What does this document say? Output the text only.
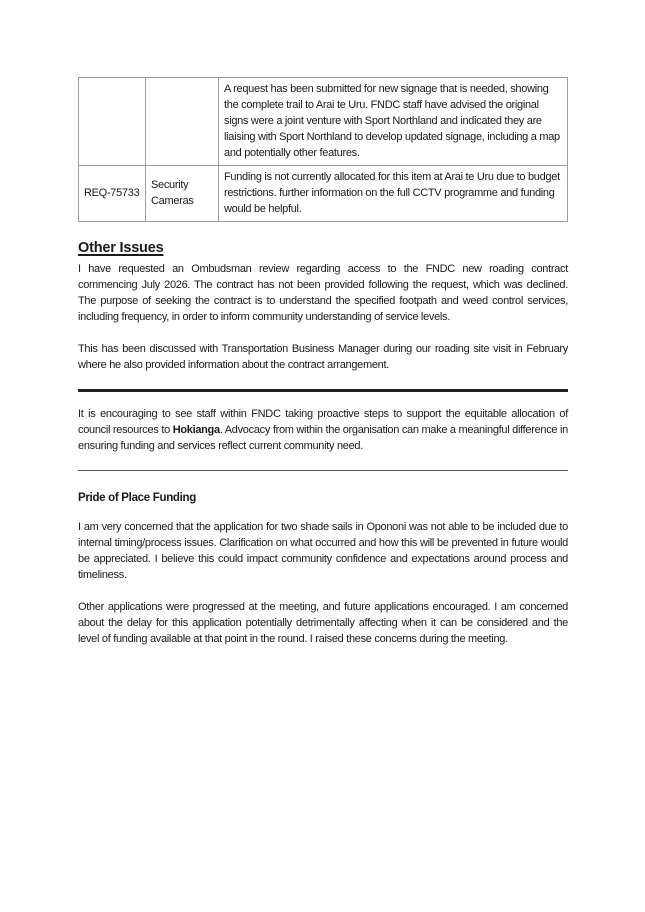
		A request has been submitted for new signage that is needed, showing the complete trail to Arai te Uru. FNDC staff have advised the original signs were a joint venture with Sport Northland and indicated they are liaising with Sport Northland to develop updated signage, including a map and potentially other features.
REQ-75733	Security Cameras	Funding is not currently allocated for this item at Arai te Uru due to budget restrictions. further information on the full CCTV programme and funding would be helpful.
Other Issues

I have requested an Ombudsman review regarding access to the FNDC new roading contract commencing July 2026. The contract has not been provided following the request, which was declined. The purpose of seeking the contract is to understand the specified footpath and weed control services, including frequency, in order to inform community understanding of service levels.

This has been discussed with Transportation Business Manager during our roading site visit in February where he also provided information about the contract arrangement.

It is encouraging to see staff within FNDC taking proactive steps to support the equitable allocation of council resources to Hokianga. Advocacy from within the organisation can make a meaningful difference in ensuring funding and services reflect current community need.

Pride of Place Funding

I am very concerned that the application for two shade sails in Opononi was not able to be included due to internal timing/process issues. Clarification on what occurred and how this will be prevented in future would be appreciated. I believe this could impact community confidence and expectations around process and timeliness.

Other applications were progressed at the meeting, and future applications encouraged. I am concerned about the delay for this application potentially detrimentally affecting when it can be considered and the level of funding available at that point in the round. I raised these concerns during the meeting.
